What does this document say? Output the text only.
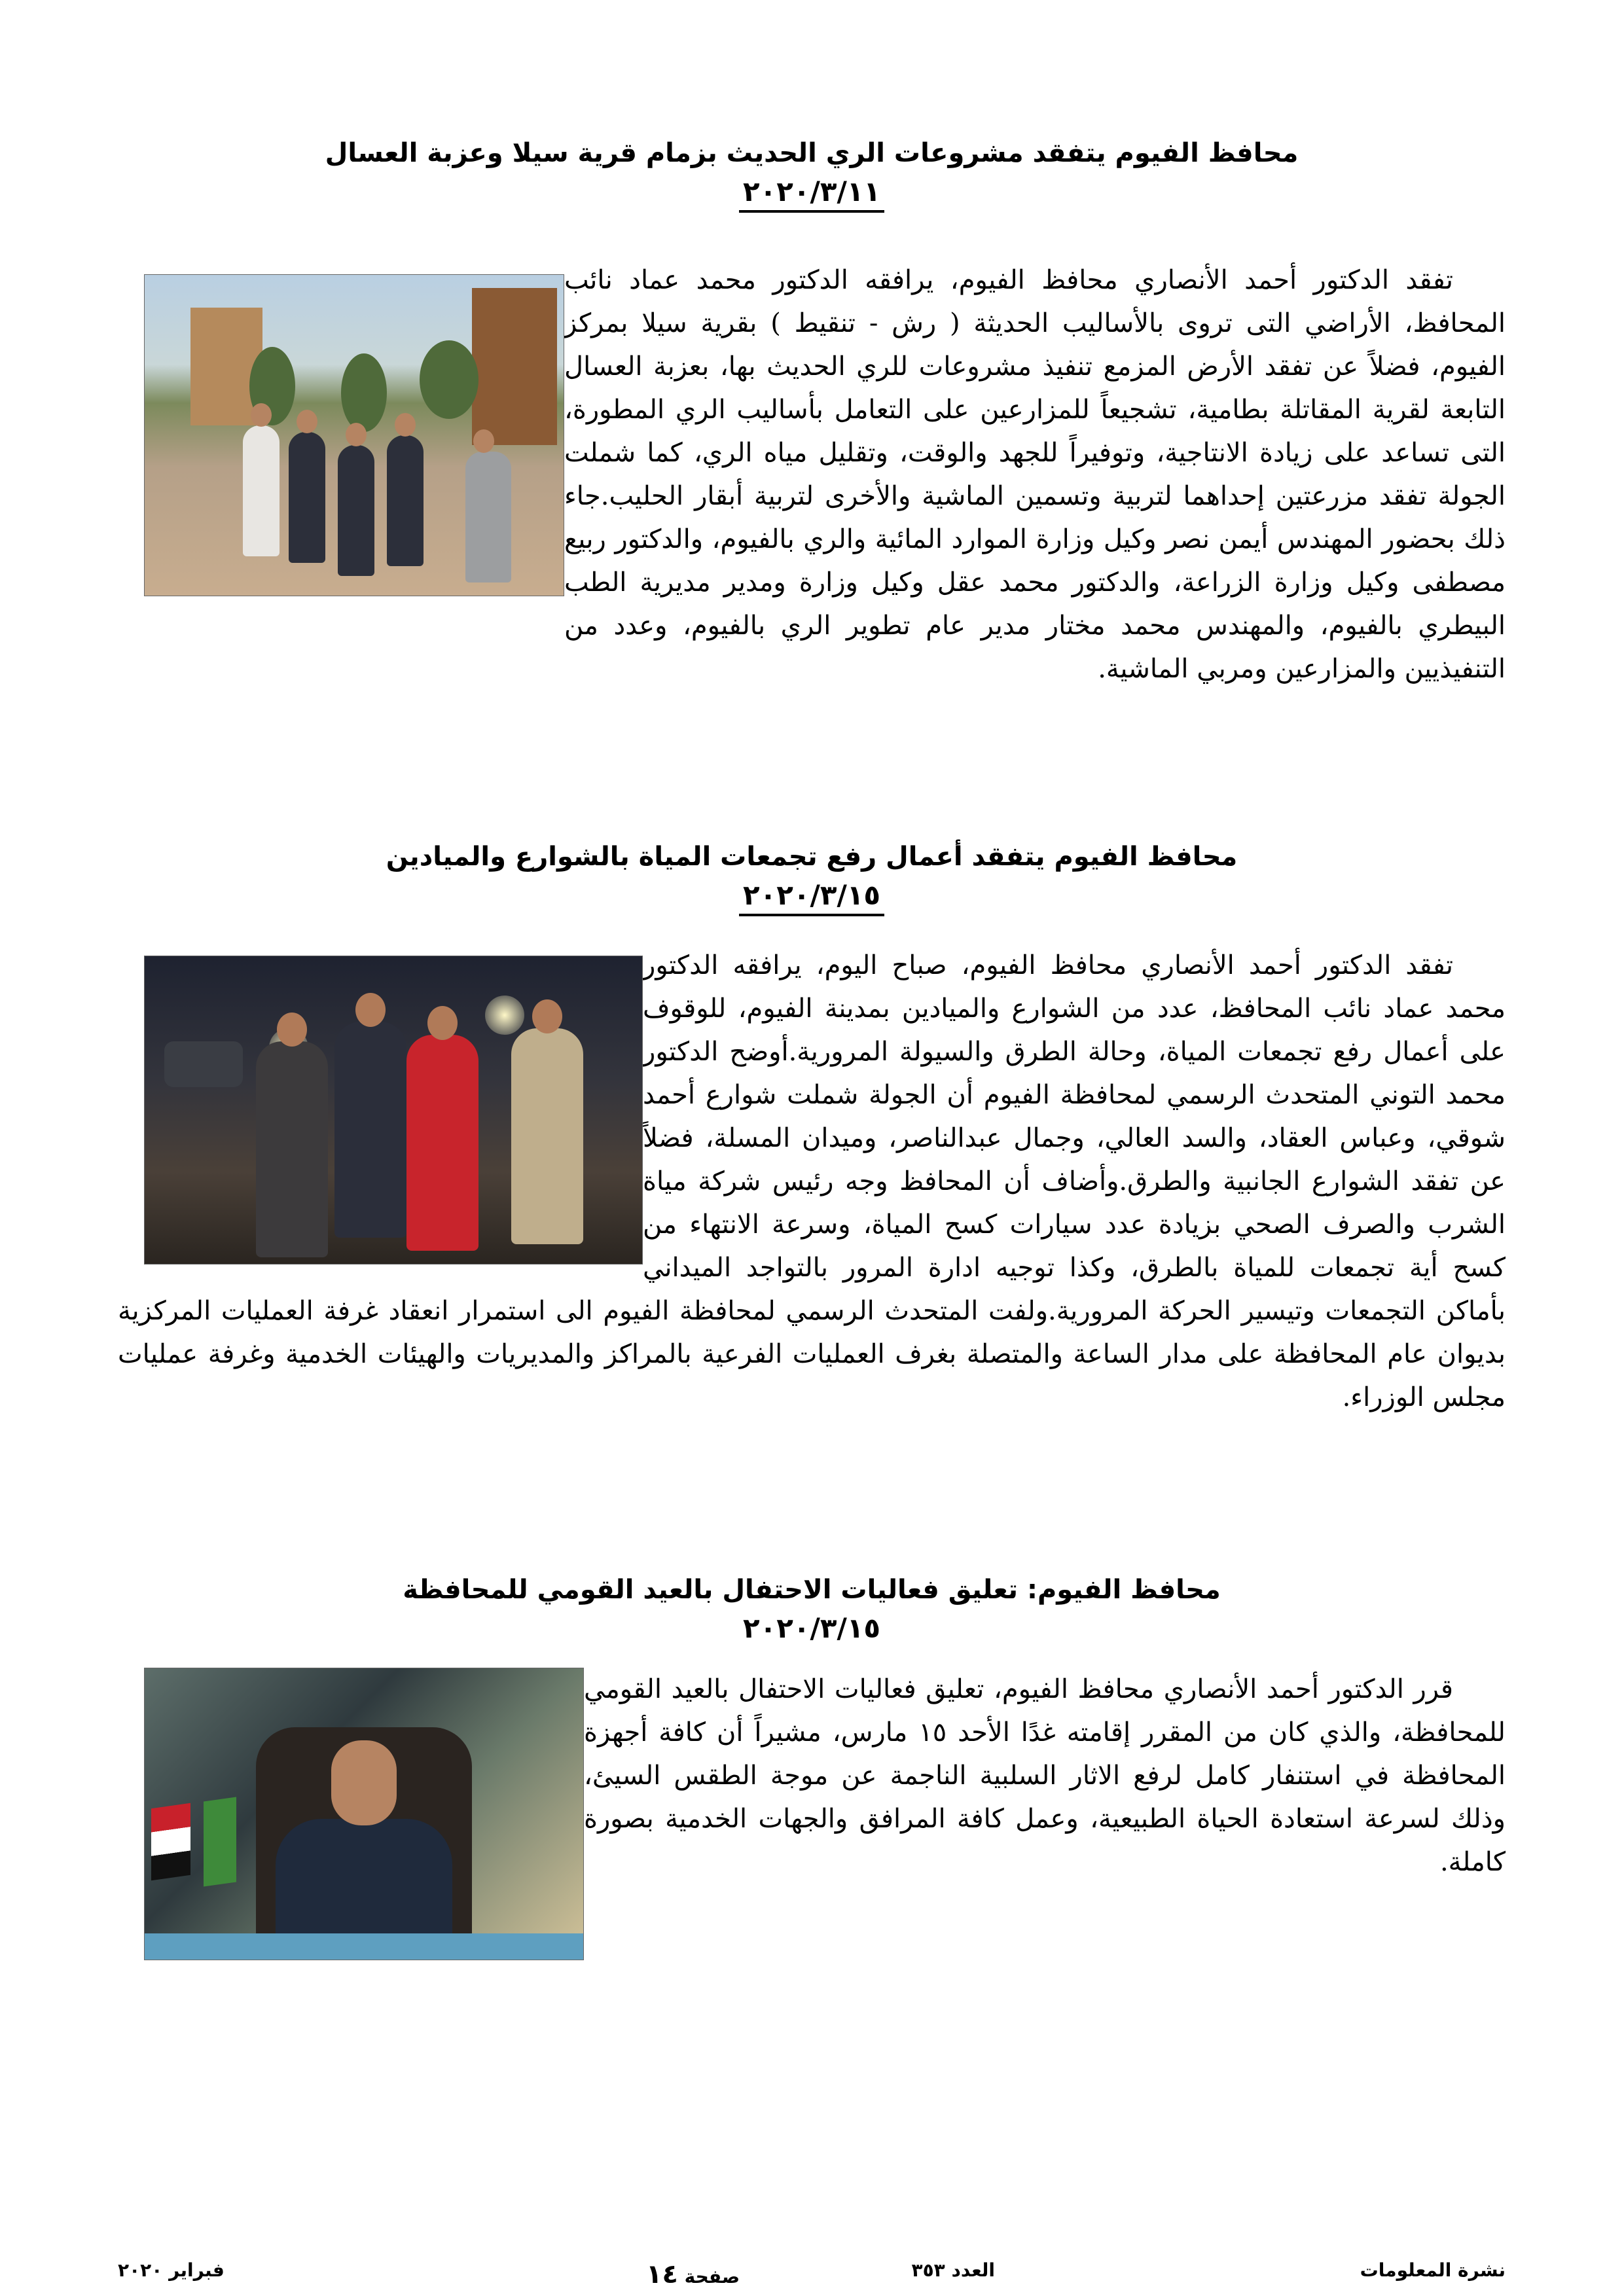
محافظ الفيوم يتفقد مشروعات الري الحديث بزمام قرية سيلا وعزبة العسال
٢٠٢٠/٣/١١
تفقد الدكتور أحمد الأنصاري محافظ الفيوم، يرافقه الدكتور محمد عماد نائب المحافظ، الأراضي التى تروى بالأساليب الحديثة ( رش - تنقيط ) بقرية سيلا بمركز الفيوم، فضلاً عن تفقد الأرض المزمع تنفيذ مشروعات للري الحديث بها، بعزبة العسال التابعة لقرية المقاتلة بطامية، تشجيعاً للمزارعين على التعامل بأساليب الري المطورة، التى تساعد على زيادة الانتاجية، وتوفيراً للجهد والوقت، وتقليل مياه الري، كما شملت الجولة تفقد مزرعتين إحداهما لتربية وتسمين الماشية والأخرى لتربية أبقار الحليب.جاء ذلك بحضور المهندس أيمن نصر وكيل وزارة الموارد المائية والري بالفيوم، والدكتور ربيع مصطفى وكيل وزارة الزراعة، والدكتور محمد عقل وكيل وزارة ومدير مديرية الطب البيطري بالفيوم، والمهندس محمد مختار مدير عام تطوير الري بالفيوم، وعدد من التنفيذيين والمزارعين ومربي الماشية.
محافظ الفيوم يتفقد أعمال رفع تجمعات المياة بالشوارع والميادين
٢٠٢٠/٣/١٥
تفقد الدكتور أحمد الأنصاري محافظ الفيوم، صباح اليوم، يرافقه الدكتور محمد عماد نائب المحافظ، عدد من الشوارع والميادين بمدينة الفيوم، للوقوف على أعمال رفع تجمعات المياة، وحالة الطرق والسيولة المرورية.أوضح الدكتور محمد التوني المتحدث الرسمي لمحافظة الفيوم أن الجولة شملت شوارع أحمد شوقي، وعباس العقاد، والسد العالي، وجمال عبدالناصر، وميدان المسلة، فضلاً عن تفقد الشوارع الجانبية والطرق.وأضاف أن المحافظ وجه رئيس شركة مياة الشرب والصرف الصحي بزيادة عدد سيارات كسح المياة، وسرعة الانتهاء من كسح أية تجمعات للمياة بالطرق، وكذا توجيه ادارة المرور بالتواجد الميداني بأماكن التجمعات وتيسير الحركة المرورية.ولفت المتحدث الرسمي لمحافظة الفيوم الى استمرار انعقاد غرفة العمليات المركزية بديوان عام المحافظة على مدار الساعة والمتصلة بغرف العمليات الفرعية بالمراكز والمديريات والهيئات الخدمية وغرفة عمليات مجلس الوزراء.
محافظ الفيوم: تعليق فعاليات الاحتفال بالعيد القومي للمحافظة
٢٠٢٠/٣/١٥
قرر الدكتور أحمد الأنصاري محافظ الفيوم، تعليق فعاليات الاحتفال بالعيد القومي للمحافظة، والذي كان من المقرر إقامته غدًا الأحد ١٥ مارس، مشيراً أن كافة أجهزة المحافظة في استنفار كامل لرفع الاثار السلبية الناجمة عن موجة الطقس السيئ، وذلك لسرعة استعادة الحياة الطبيعية، وعمل كافة المرافق والجهات الخدمية بصورة كاملة.
نشرة المعلومات
العدد ٣٥٣
صفحة ١٤
فبراير ٢٠٢٠
